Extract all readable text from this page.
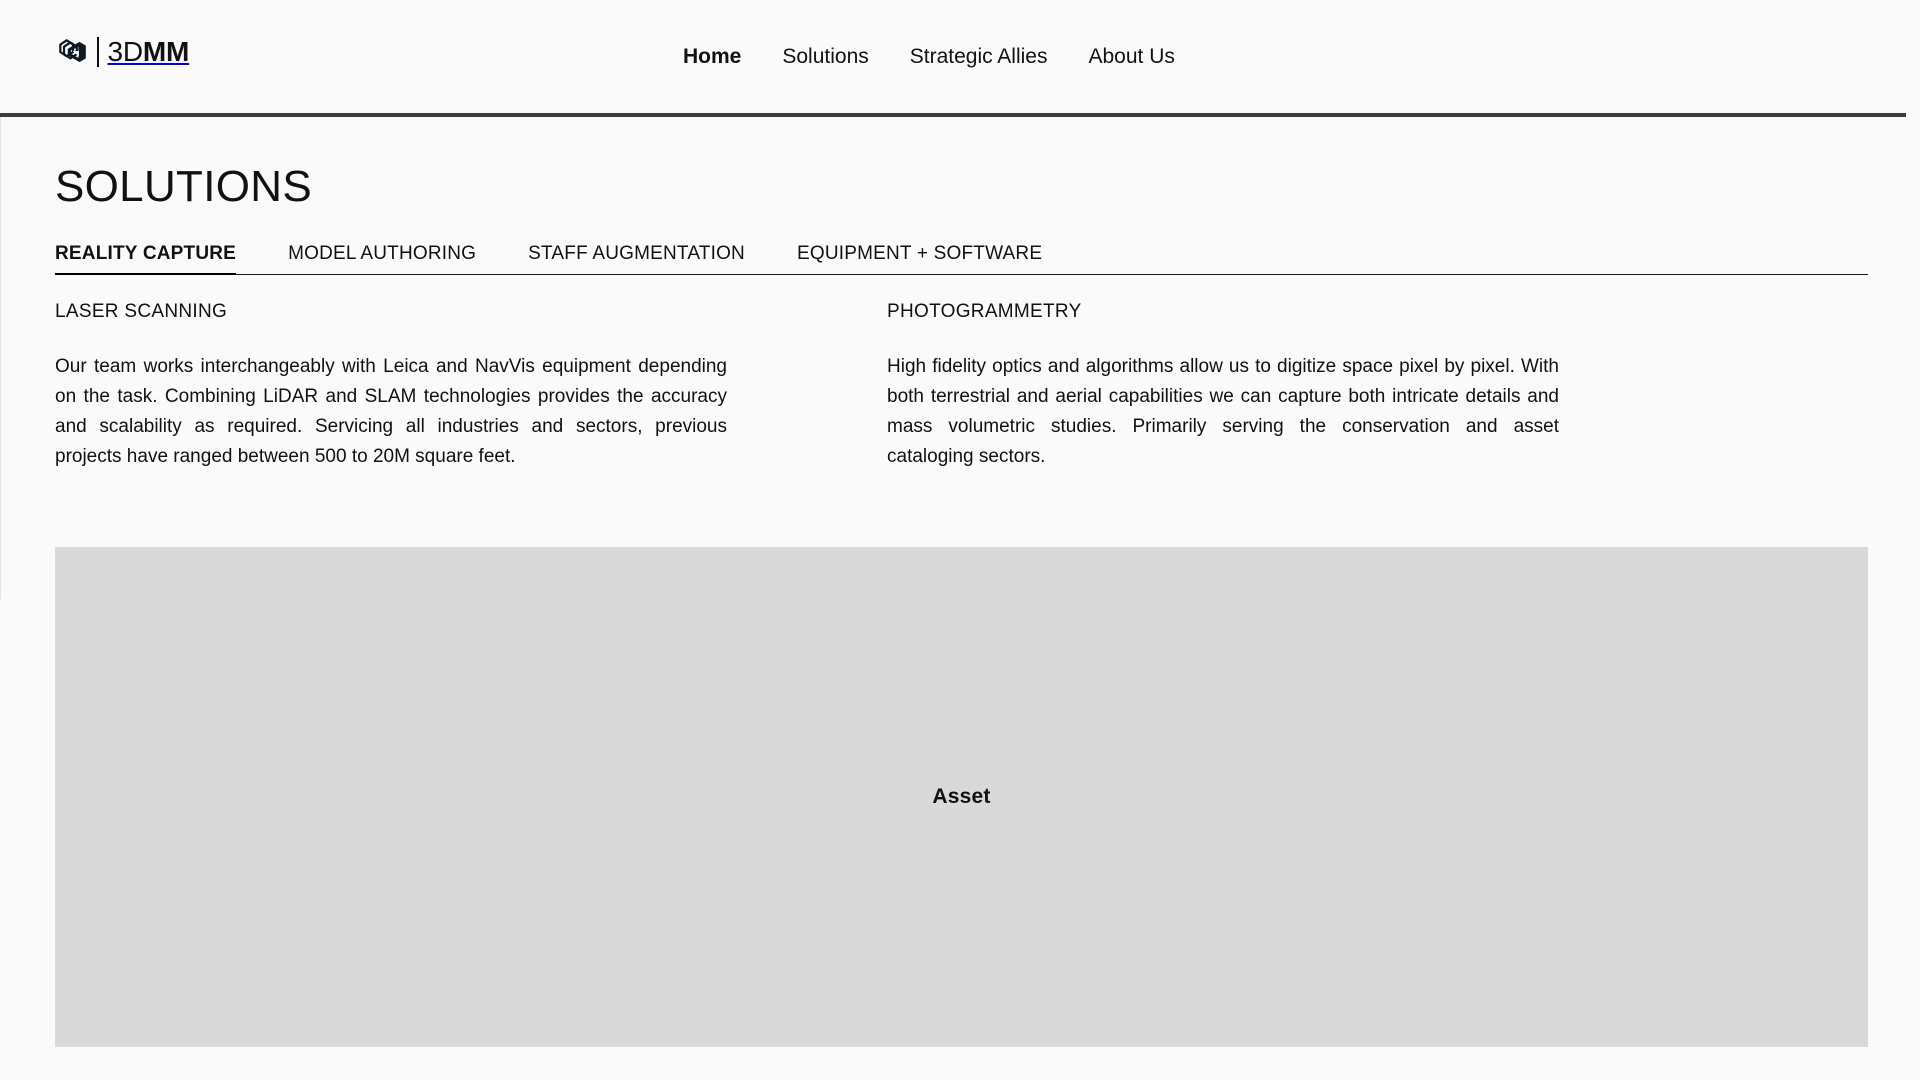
3DMM	Home Solutions Strategic Allies About Us
SOLUTIONS
REALITY CAPTURE	MODEL AUTHORING	STAFF AUGMENTATION	EQUIPMENT + SOFTWARE
LASER SCANNING

Our team works interchangeably with Leica and NavVis equipment depending on the task. Combining LiDAR and SLAM technologies provides the accuracy and scalability as required. Servicing all industries and sectors, previous projects have ranged between 500 to 20M square feet.

PHOTOGRAMMETRY

High fidelity optics and algorithms allow us to digitize space pixel by pixel. With both terrestrial and aerial capabilities we can capture both intricate details and mass volumetric studies. Primarily serving the conservation and asset cataloging sectors.

Asset
